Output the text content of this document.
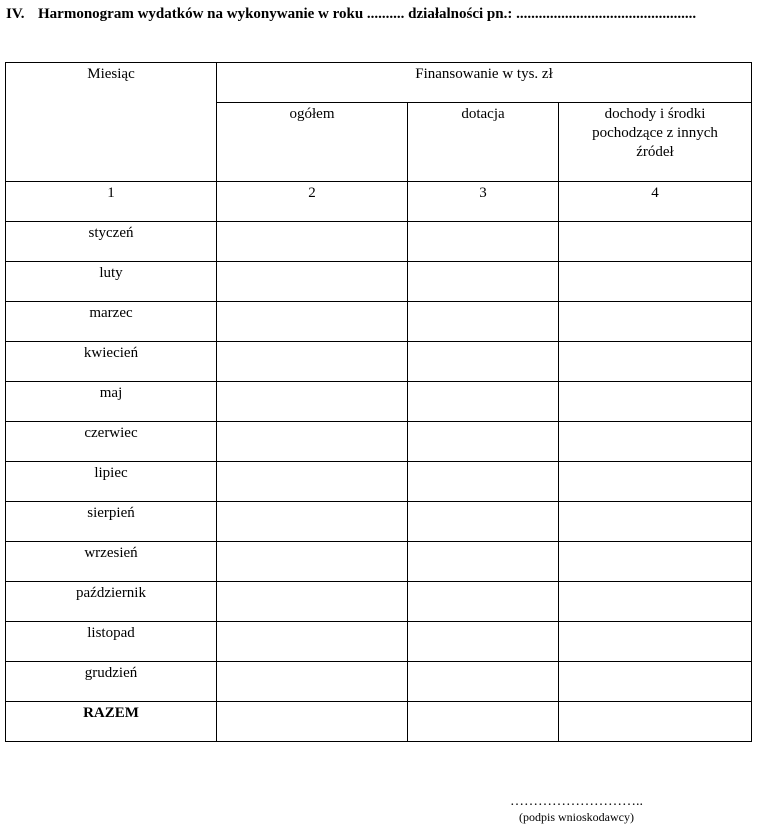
IV. Harmonogram wydatków na wykonywanie w roku .......... działalności pn.: ................................................
Miesiąc	Finansowanie w tys. zł		
	ogółem	dotacja	dochody i środki pochodzące z innych źródeł
1	2	3	4
styczeń			
luty			
marzec			
kwiecień			
maj			
czerwiec			
lipiec			
sierpień			
wrzesień			
październik			
listopad			
grudzień			
RAZEM			
………………………..
(podpis wnioskodawcy)
